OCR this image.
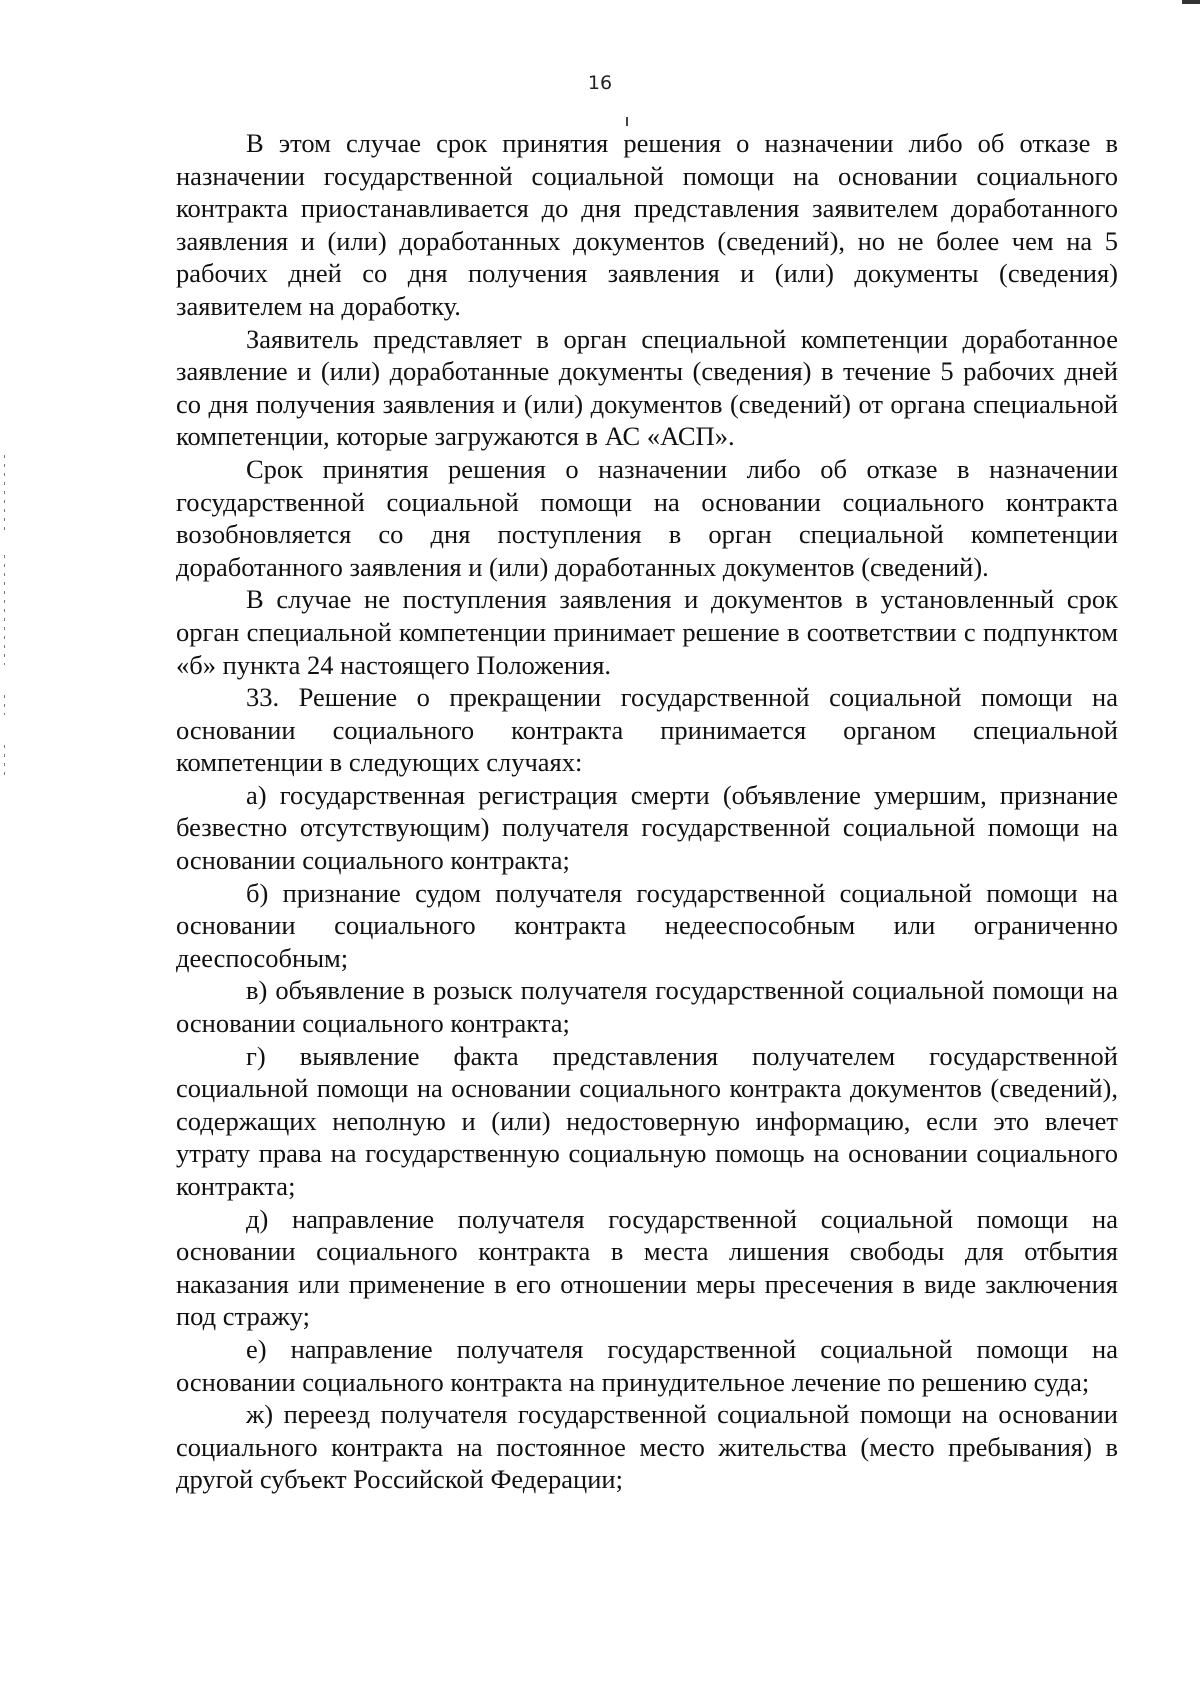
16

В этом случае срок принятия решения о назначении либо об отказе в назначении государственной социальной помощи на основании социального контракта приостанавливается до дня представления заявителем доработанного заявления и (или) доработанных документов (сведений), но не более чем на 5 рабочих дней со дня получения заявления и (или) документы (сведения) заявителем на доработку.

Заявитель представляет в орган специальной компетенции доработанное заявление и (или) доработанные документы (сведения) в течение 5 рабочих дней со дня получения заявления и (или) документов (сведений) от органа специальной компетенции, которые загружаются в АС «АСП».

Срок принятия решения о назначении либо об отказе в назначении государственной социальной помощи на основании социального контракта возобновляется со дня поступления в орган специальной компетенции доработанного заявления и (или) доработанных документов (сведений).

В случае не поступления заявления и документов в установленный срок орган специальной компетенции принимает решение в соответствии с подпунктом «б» пункта 24 настоящего Положения.

33. Решение о прекращении государственной социальной помощи на основании социального контракта принимается органом специальной компетенции в следующих случаях:

а) государственная регистрация смерти (объявление умершим, признание безвестно отсутствующим) получателя государственной социальной помощи на основании социального контракта;

б) признание судом получателя государственной социальной помощи на основании социального контракта недееспособным или ограниченно дееспособным;

в) объявление в розыск получателя государственной социальной помощи на основании социального контракта;

г) выявление факта представления получателем государственной социальной помощи на основании социального контракта документов (сведений), содержащих неполную и (или) недостоверную информацию, если это влечет утрату права на государственную социальную помощь на основании социального контракта;

д) направление получателя государственной социальной помощи на основании социального контракта в места лишения свободы для отбытия наказания или применение в его отношении меры пресечения в виде заключения под стражу;

е) направление получателя государственной социальной помощи на основании социального контракта на принудительное лечение по решению суда;

ж) переезд получателя государственной социальной помощи на основании социального контракта на постоянное место жительства (место пребывания) в другой субъект Российской Федерации;
